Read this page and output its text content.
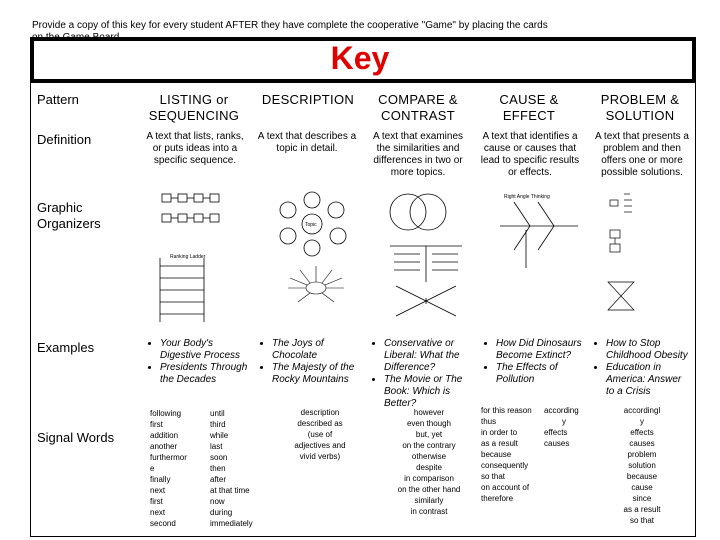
Provide a copy of this key for every student AFTER they have complete the cooperative "Game" by placing the cards
Key
Pattern
Definition
Graphic Organizers
Examples
Signal Words
LISTING or SEQUENCING
DESCRIPTION	COMPARE & CONTRAST
CAUSE & EFFECT
PROBLEM & SOLUTION
A text that lists, ranks, or puts ideas into a specific sequence.
A text that describes a topic in detail.
A text that examines the similarities and differences in two or more topics.
A text that identifies a cause or causes that lead to specific results or effects.
A text that presents a problem and then offers one or more possible solutions.
Ranking Ladder
Topic
Right Angle Thinking
• Your Body's Digestive Process
• Presidents Through the Decades
• The Joys of Chocolate
• The Majesty of the Rocky Mountains
• Conservative or Liberal: What the Difference?
• The Movie or The Book: Which is Better?
• How Did Dinosaurs Become Extinct?
• The Effects of Pollution
• How to Stop Childhood Obesity
• Education in America: Answer to a Crisis
following
first
addition
another
furthermor
e
finally
next
first
next
second
until
third
while
last
soon
then
after
at that time
now
during
immediately
description
described as
(use of
adjectives and
vivid verbs)
however
even though
but, yet
on the contrary
otherwise
despite
in comparison
on the other hand
similarly
in contrast
for this reason
thus
in order to
as a result
because
consequently
so that
on account of
therefore
according
y
effects
causes
accordingl
y
effects
causes
problem
solution
because
cause
since
as a result
so that
